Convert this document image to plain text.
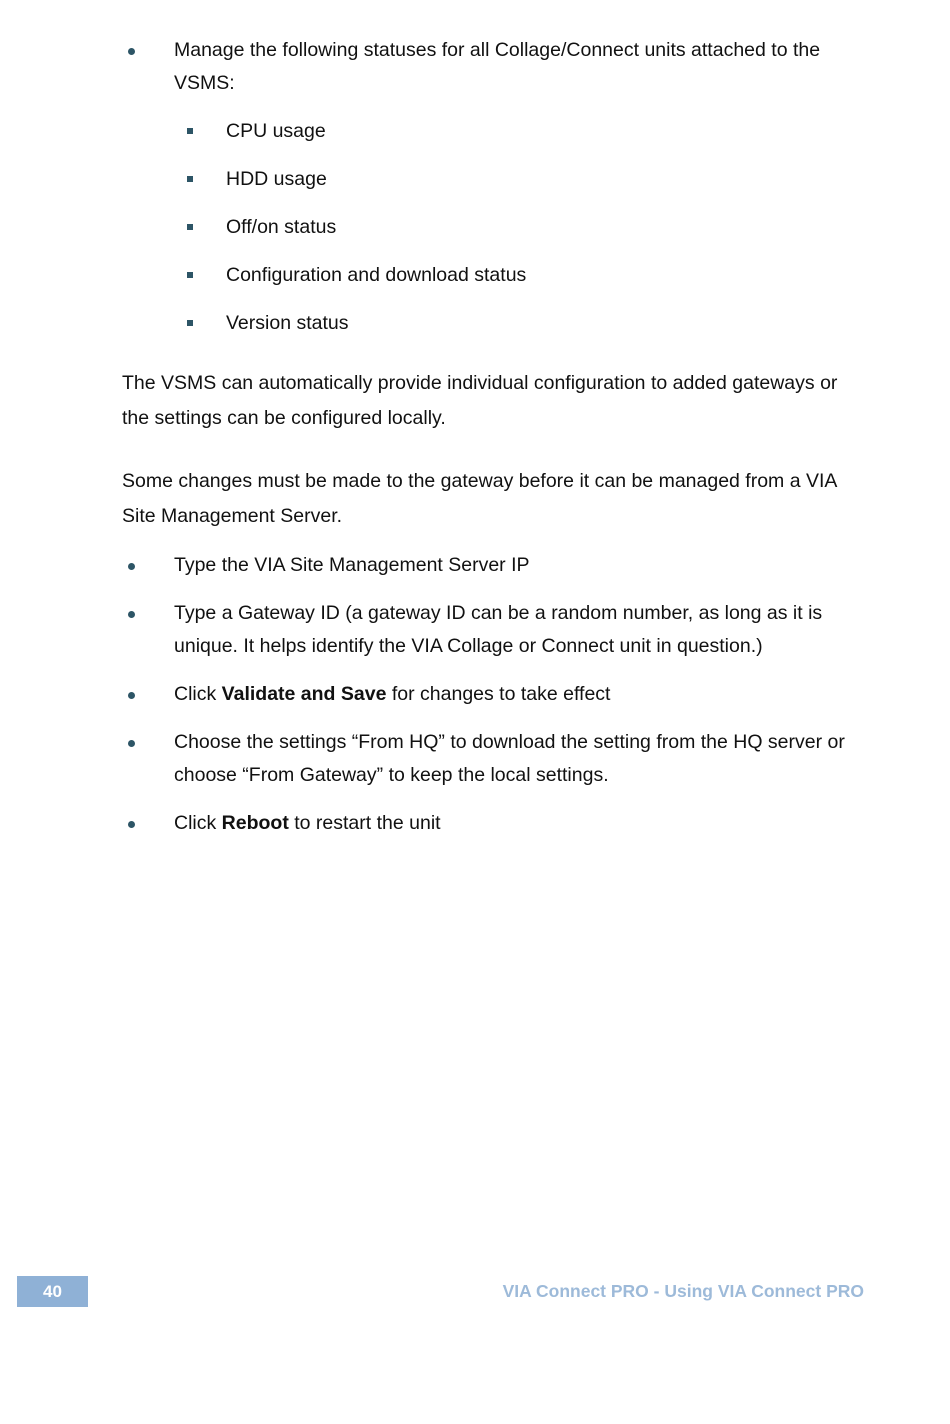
Manage the following statuses for all Collage/Connect units attached to the VSMS:
CPU usage
HDD usage
Off/on status
Configuration and download status
Version status

The VSMS can automatically provide individual configuration to added gateways or the settings can be configured locally.

Some changes must be made to the gateway before it can be managed from a VIA Site Management Server.

Type the VIA Site Management Server IP
Type a Gateway ID (a gateway ID can be a random number, as long as it is unique. It helps identify the VIA Collage or Connect unit in question.)
Click Validate and Save for changes to take effect
Choose the settings “From HQ” to download the setting from the HQ server or choose “From Gateway” to keep the local settings.
Click Reboot to restart the unit
40	VIA Connect PRO - Using VIA Connect PRO
